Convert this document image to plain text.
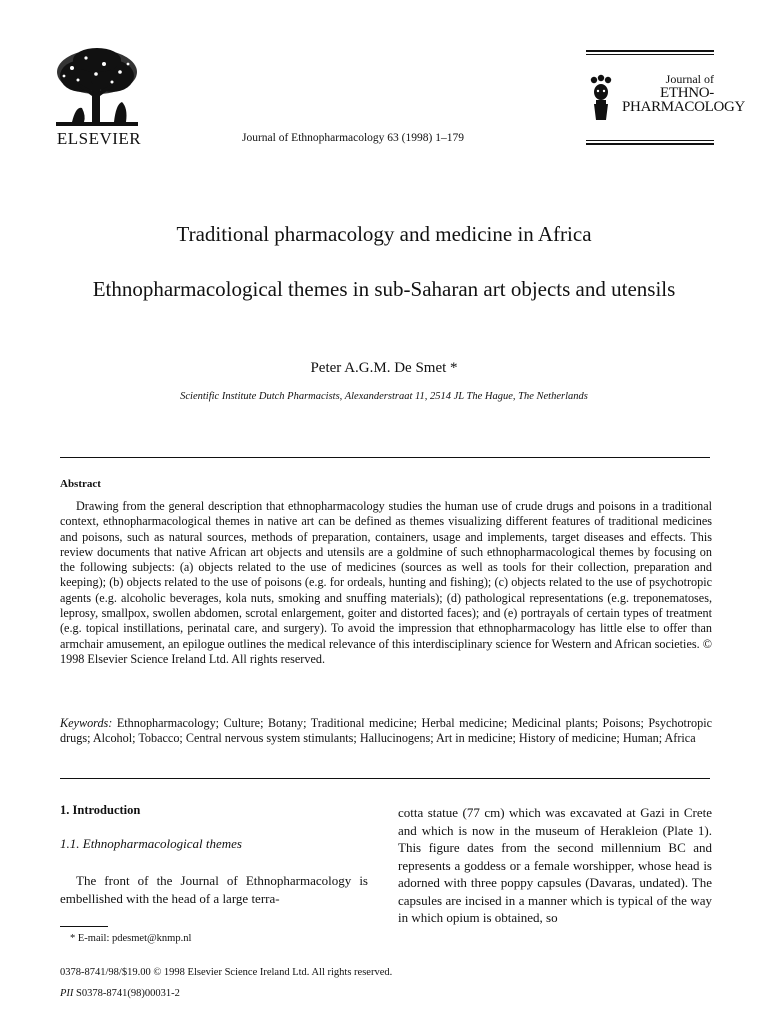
ELSEVIER	Journal of Ethnopharmacology 63 (1998) 1–179
Journal of
ETHNO-
PHARMACOLOGY
Traditional pharmacology and medicine in Africa
Ethnopharmacological themes in sub-Saharan art objects and utensils
Peter A.G.M. De Smet *
Scientific Institute Dutch Pharmacists, Alexanderstraat 11, 2514 JL The Hague, The Netherlands
Abstract
Drawing from the general description that ethnopharmacology studies the human use of crude drugs and poisons in a traditional context, ethnopharmacological themes in native art can be defined as themes visualizing different features of traditional medicines and poisons, such as natural sources, methods of preparation, containers, usage and implements, target diseases and effects. This review documents that native African art objects and utensils are a goldmine of such ethnopharmacological themes by focusing on the following subjects: (a) objects related to the use of medicines (sources as well as tools for their collection, preparation and keeping); (b) objects related to the use of poisons (e.g. for ordeals, hunting and fishing); (c) objects related to the use of psychotropic agents (e.g. alcoholic beverages, kola nuts, smoking and snuffing materials); (d) pathological representations (e.g. treponematoses, leprosy, smallpox, swollen abdomen, scrotal enlargement, goiter and distorted faces); and (e) portrayals of certain types of treatment (e.g. topical instillations, perinatal care, and surgery). To avoid the impression that ethnopharmacology has little else to offer than armchair amusement, an epilogue outlines the medical relevance of this interdisciplinary science for Western and African societies. © 1998 Elsevier Science Ireland Ltd. All rights reserved.
Keywords: Ethnopharmacology; Culture; Botany; Traditional medicine; Herbal medicine; Medicinal plants; Poisons; Psychotropic drugs; Alcohol; Tobacco; Central nervous system stimulants; Hallucinogens; Art in medicine; History of medicine; Human; Africa
1. Introduction
1.1. Ethnopharmacological themes
The front of the Journal of Ethnopharmacology is embellished with the head of a large terra-
cotta statue (77 cm) which was excavated at Gazi in Crete and which is now in the museum of Herakleion (Plate 1). This figure dates from the second millennium BC and represents a goddess or a female worshipper, whose head is adorned with three poppy capsules (Davaras, undated). The capsules are incised in a manner which is typical of the way in which opium is obtained, so
* E-mail: pdesmet@knmp.nl
0378-8741/98/$19.00 © 1998 Elsevier Science Ireland Ltd. All rights reserved.
PII S0378-8741(98)00031-2
